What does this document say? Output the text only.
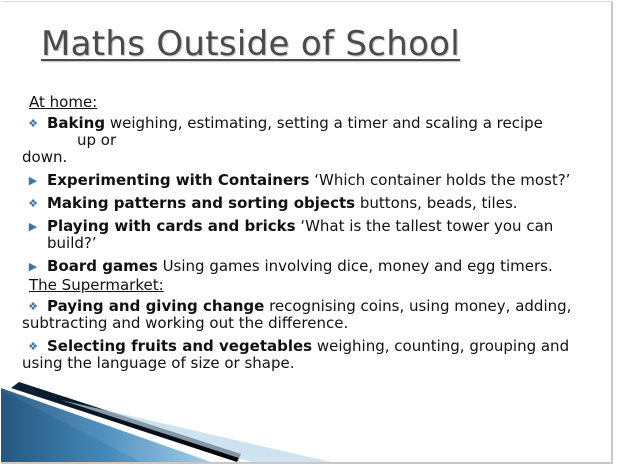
Maths Outside of School
At home:
❖ Baking weighing, estimating, setting a timer and scaling a recipe
up or
down.
▶ Experimenting with Containers ‘Which container holds the most?’
❖ Making patterns and sorting objects buttons, beads, tiles.
▶ Playing with cards and bricks ‘What is the tallest tower you can
build?’
▶ Board games Using games involving dice, money and egg timers.
The Supermarket:
❖ Paying and giving change recognising coins, using money, adding, subtracting and working out the difference.
❖ Selecting fruits and vegetables weighing, counting, grouping and using the language of size or shape.
